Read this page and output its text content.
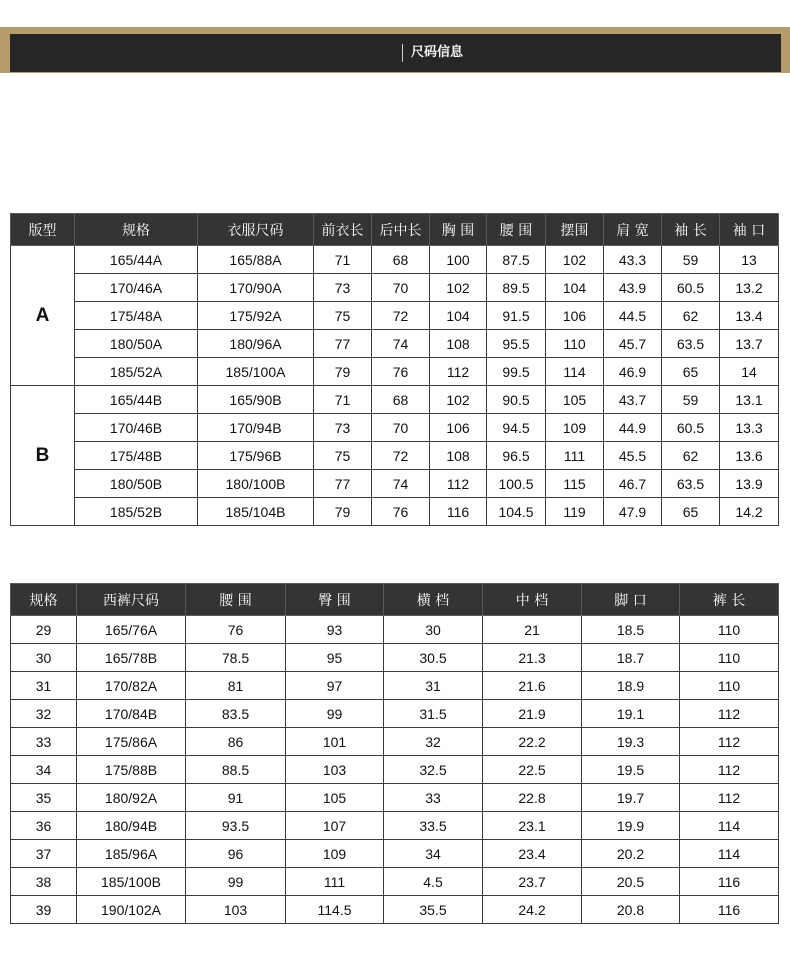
尺码信息
版型	规格	衣服尺码	前衣长	后中长	胸 围	腰 围	摆围	肩 宽	袖 长	袖 口
A	165/44A	165/88A	71	68	100	87.5	102	43.3	59	13
	170/46A	170/90A	73	70	102	89.5	104	43.9	60.5	13.2
	175/48A	175/92A	75	72	104	91.5	106	44.5	62	13.4
	180/50A	180/96A	77	74	108	95.5	110	45.7	63.5	13.7
	185/52A	185/100A	79	76	112	99.5	114	46.9	65	14
B	165/44B	165/90B	71	68	102	90.5	105	43.7	59	13.1
	170/46B	170/94B	73	70	106	94.5	109	44.9	60.5	13.3
	175/48B	175/96B	75	72	108	96.5	111	45.5	62	13.6
	180/50B	180/100B	77	74	112	100.5	115	46.7	63.5	13.9
	185/52B	185/104B	79	76	116	104.5	119	47.9	65	14.2
规格	西裤尺码	腰 围	臀 围	横 档	中 档	脚 口	裤 长
29	165/76A	76	93	30	21	18.5	110
30	165/78B	78.5	95	30.5	21.3	18.7	110
31	170/82A	81	97	31	21.6	18.9	110
32	170/84B	83.5	99	31.5	21.9	19.1	112
33	175/86A	86	101	32	22.2	19.3	112
34	175/88B	88.5	103	32.5	22.5	19.5	112
35	180/92A	91	105	33	22.8	19.7	112
36	180/94B	93.5	107	33.5	23.1	19.9	114
37	185/96A	96	109	34	23.4	20.2	114
38	185/100B	99	111	4.5	23.7	20.5	116
39	190/102A	103	114.5	35.5	24.2	20.8	116
